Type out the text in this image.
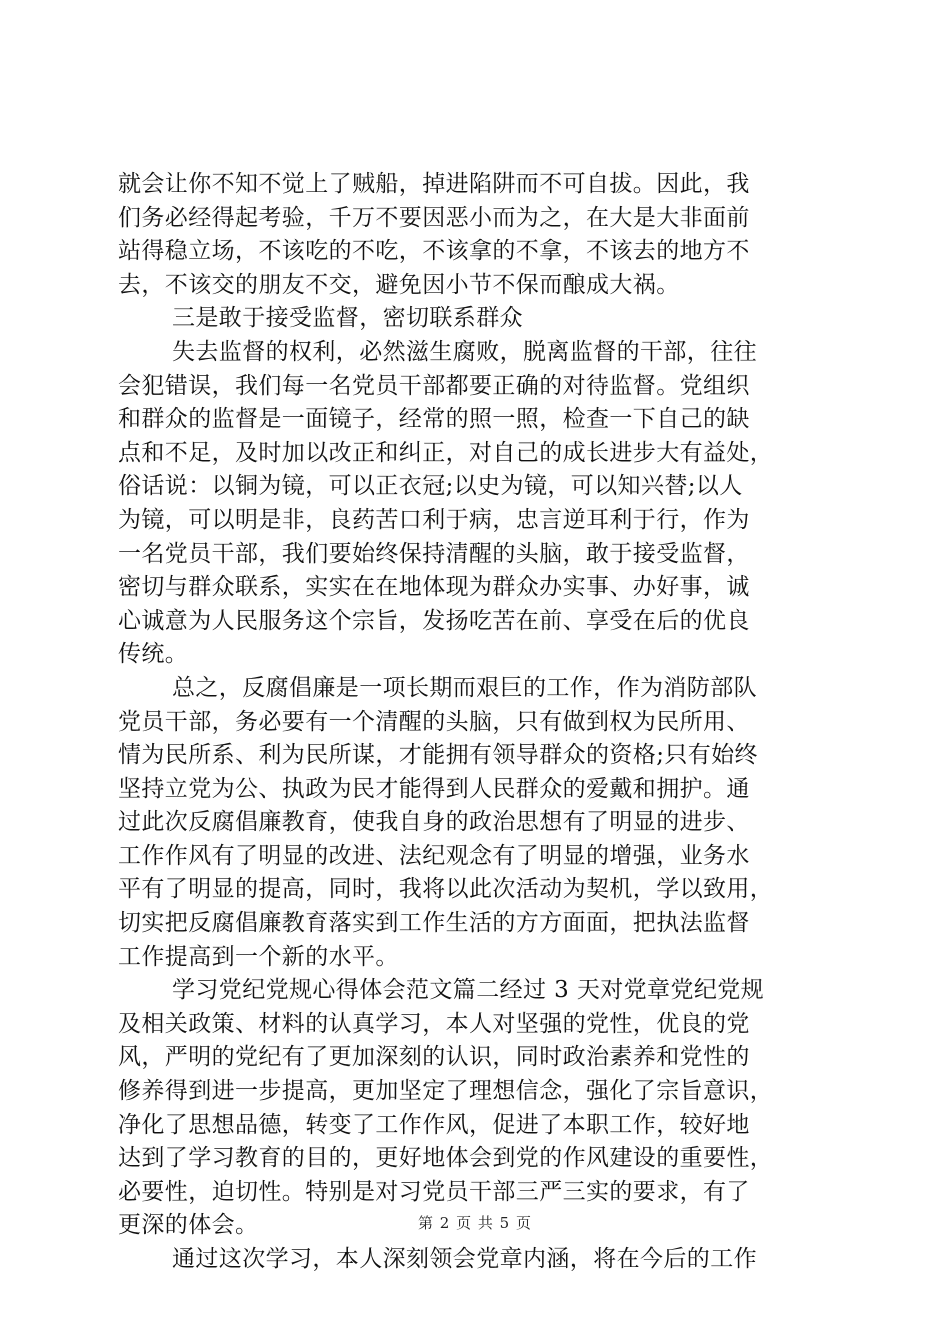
就会让你不知不觉上了贼船，掉进陷阱而不可自拔。因此，我
们务必经得起考验，千万不要因恶小而为之，在大是大非面前
站得稳立场，不该吃的不吃，不该拿的不拿，不该去的地方不
去，不该交的朋友不交，避免因小节不保而酿成大祸。
三是敢于接受监督，密切联系群众
失去监督的权利，必然滋生腐败，脱离监督的干部，往往
会犯错误，我们每一名党员干部都要正确的对待监督。党组织
和群众的监督是一面镜子，经常的照一照，检查一下自己的缺
点和不足，及时加以改正和纠正，对自己的成长进步大有益处，
俗话说：以铜为镜，可以正衣冠;以史为镜，可以知兴替;以人
为镜，可以明是非，良药苦口利于病，忠言逆耳利于行，作为
一名党员干部，我们要始终保持清醒的头脑，敢于接受监督，
密切与群众联系，实实在在地体现为群众办实事、办好事，诚
心诚意为人民服务这个宗旨，发扬吃苦在前、享受在后的优良
传统。
总之，反腐倡廉是一项长期而艰巨的工作，作为消防部队
党员干部，务必要有一个清醒的头脑，只有做到权为民所用、
情为民所系、利为民所谋，才能拥有领导群众的资格;只有始终
坚持立党为公、执政为民才能得到人民群众的爱戴和拥护。通
过此次反腐倡廉教育，使我自身的政治思想有了明显的进步、
工作作风有了明显的改进、法纪观念有了明显的增强，业务水
平有了明显的提高，同时，我将以此次活动为契机，学以致用，
切实把反腐倡廉教育落实到工作生活的方方面面，把执法监督
工作提高到一个新的水平。
学习党纪党规心得体会范文篇二经过 3 天对党章党纪党规
及相关政策、材料的认真学习，本人对坚强的党性，优良的党
风，严明的党纪有了更加深刻的认识，同时政治素养和党性的
修养得到进一步提高，更加坚定了理想信念，强化了宗旨意识，
净化了思想品德，转变了工作作风，促进了本职工作，较好地
达到了学习教育的目的，更好地体会到党的作风建设的重要性，
必要性，迫切性。特别是对习党员干部三严三实的要求，有了
更深的体会。
通过这次学习，本人深刻领会党章内涵，将在今后的工作
第 2 页 共 5 页
